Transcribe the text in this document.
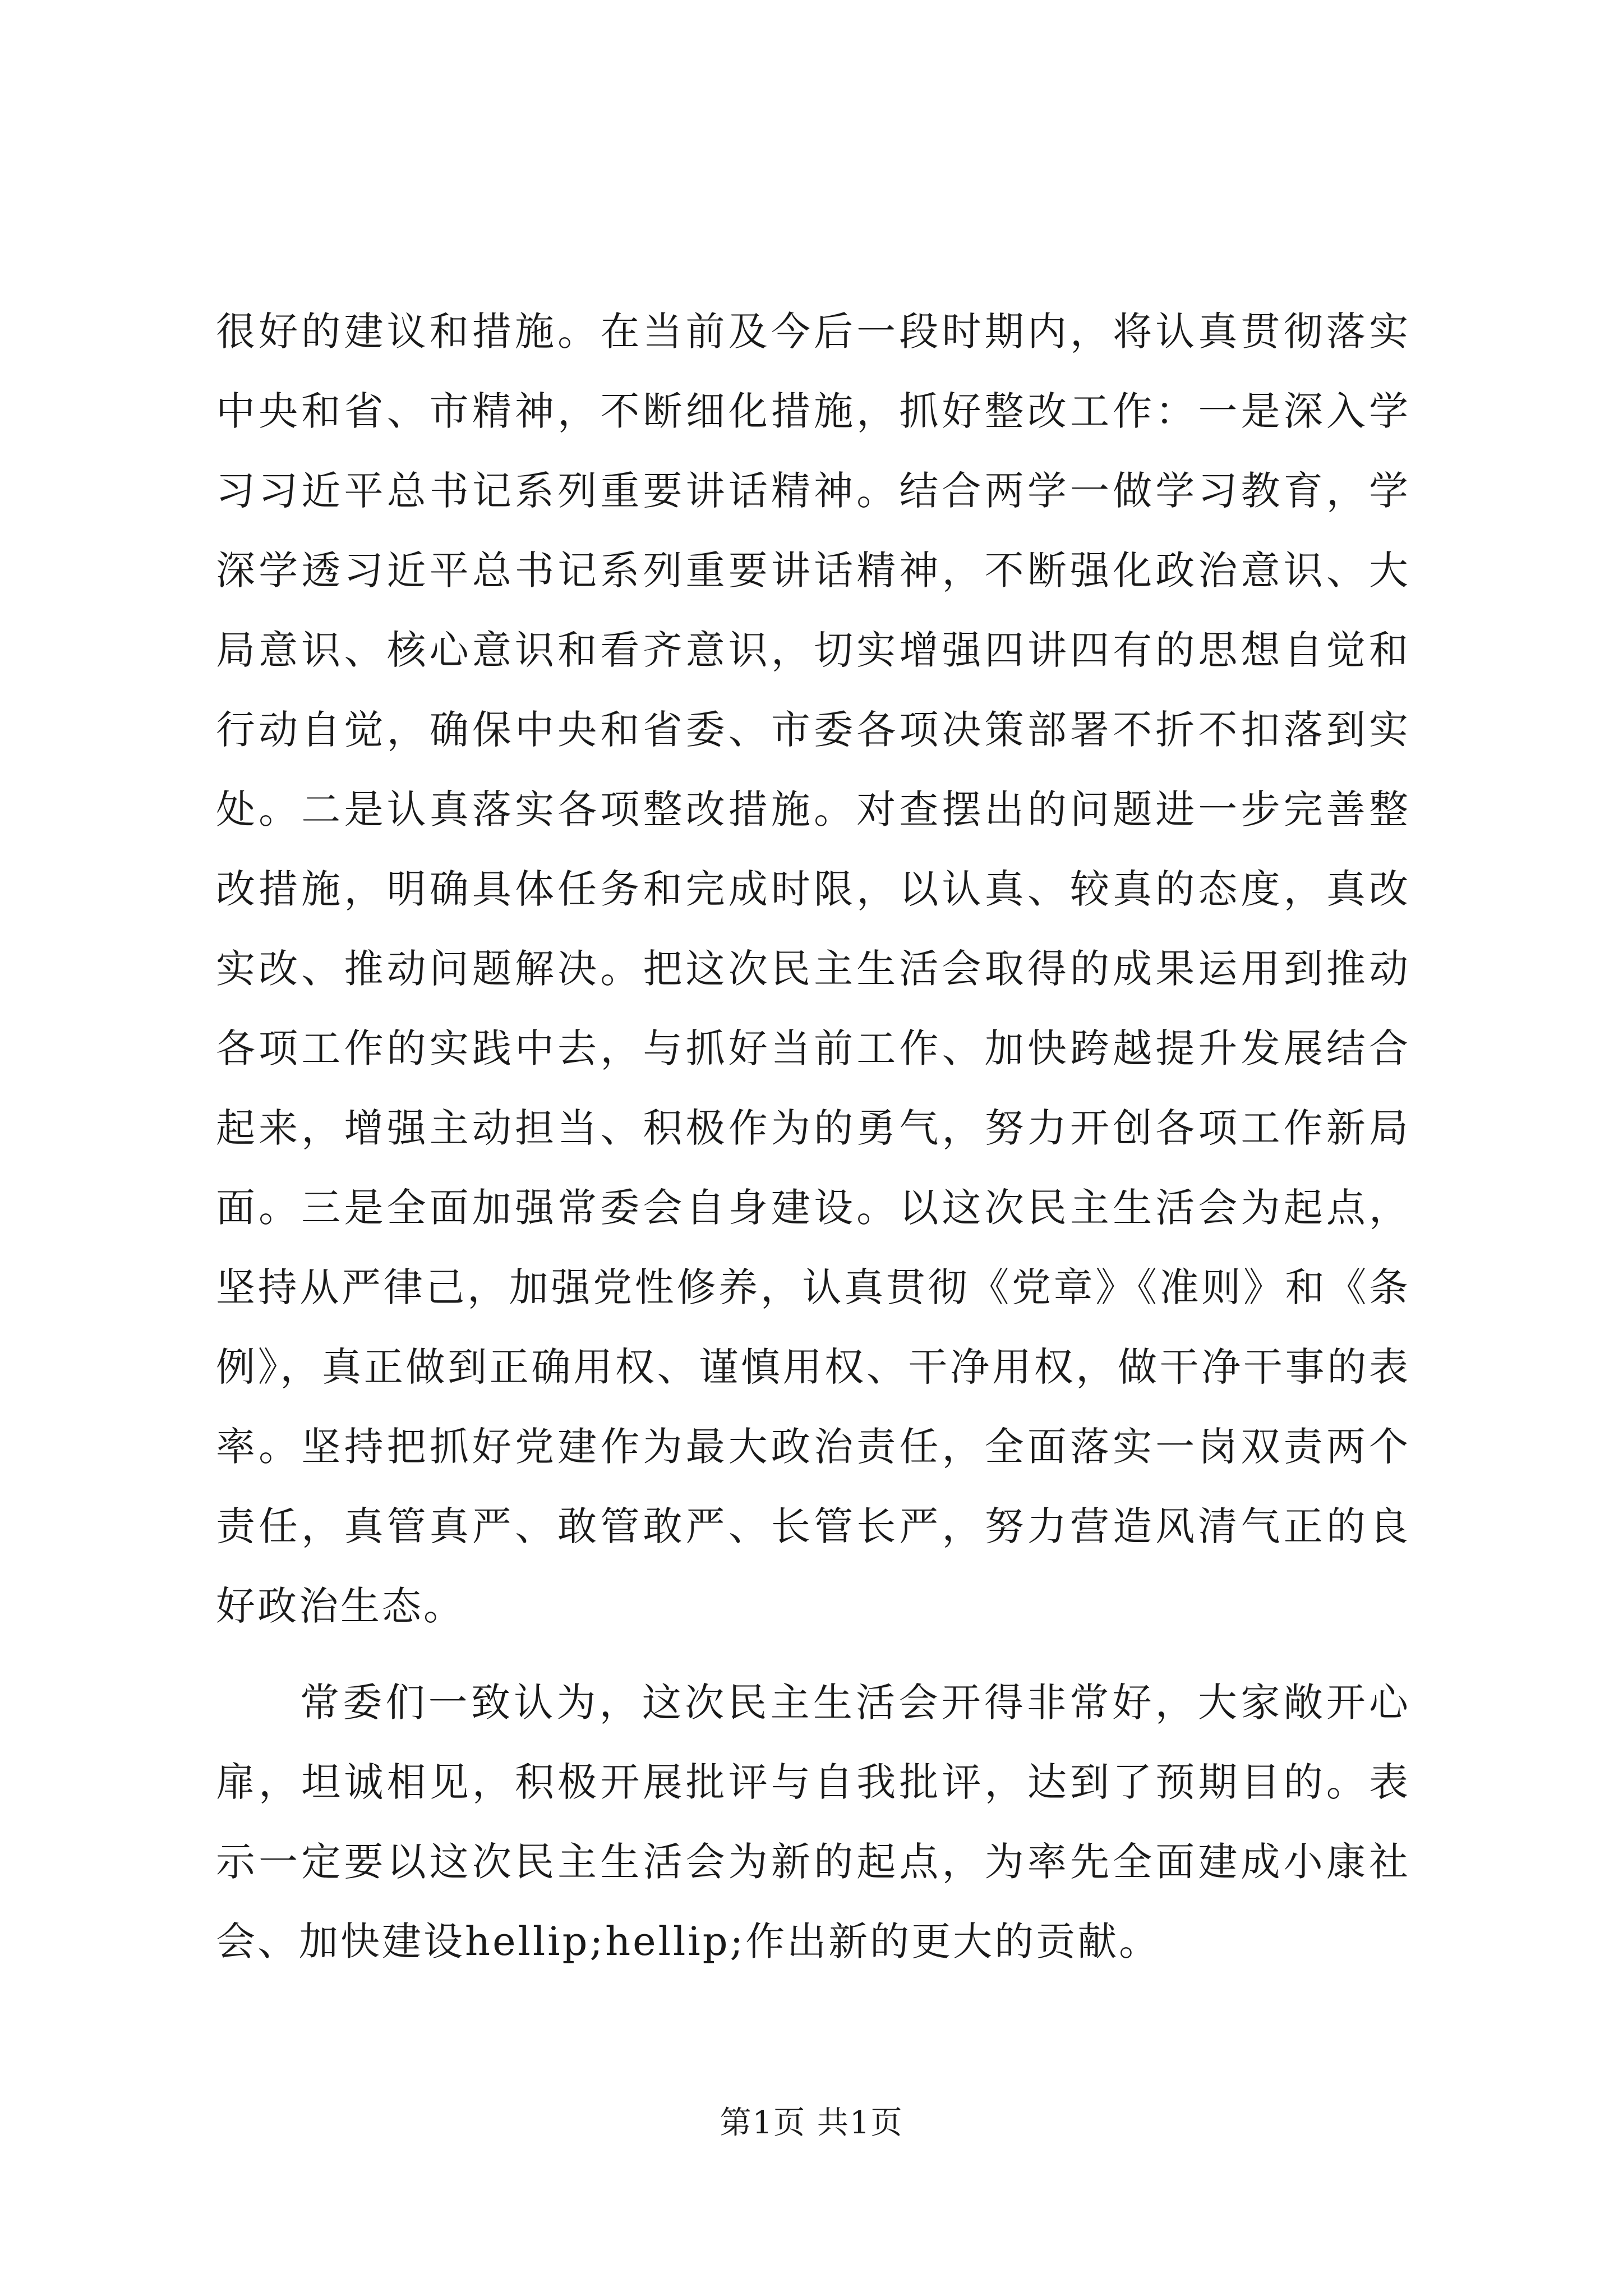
很好的建议和措施。在当前及今后一段时期内，将认真贯彻落实中央和省、市精神，不断细化措施，抓好整改工作：一是深入学习习近平总书记系列重要讲话精神。结合两学一做学习教育，学深学透习近平总书记系列重要讲话精神，不断强化政治意识、大局意识、核心意识和看齐意识，切实增强四讲四有的思想自觉和行动自觉，确保中央和省委、市委各项决策部署不折不扣落到实处。二是认真落实各项整改措施。对查摆出的问题进一步完善整改措施，明确具体任务和完成时限，以认真、较真的态度，真改实改、推动问题解决。把这次民主生活会取得的成果运用到推动各项工作的实践中去，与抓好当前工作、加快跨越提升发展结合起来，增强主动担当、积极作为的勇气，努力开创各项工作新局面。三是全面加强常委会自身建设。以这次民主生活会为起点，坚持从严律己，加强党性修养，认真贯彻《党章》《准则》和《条例》，真正做到正确用权、谨慎用权、干净用权，做干净干事的表率。坚持把抓好党建作为最大政治责任，全面落实一岗双责两个责任，真管真严、敢管敢严、长管长严，努力营造风清气正的良好政治生态。

常委们一致认为，这次民主生活会开得非常好，大家敞开心扉，坦诚相见，积极开展批评与自我批评，达到了预期目的。表示一定要以这次民主生活会为新的起点，为率先全面建成小康社会、加快建设hellip;hellip;作出新的更大的贡献。

第1页 共1页
